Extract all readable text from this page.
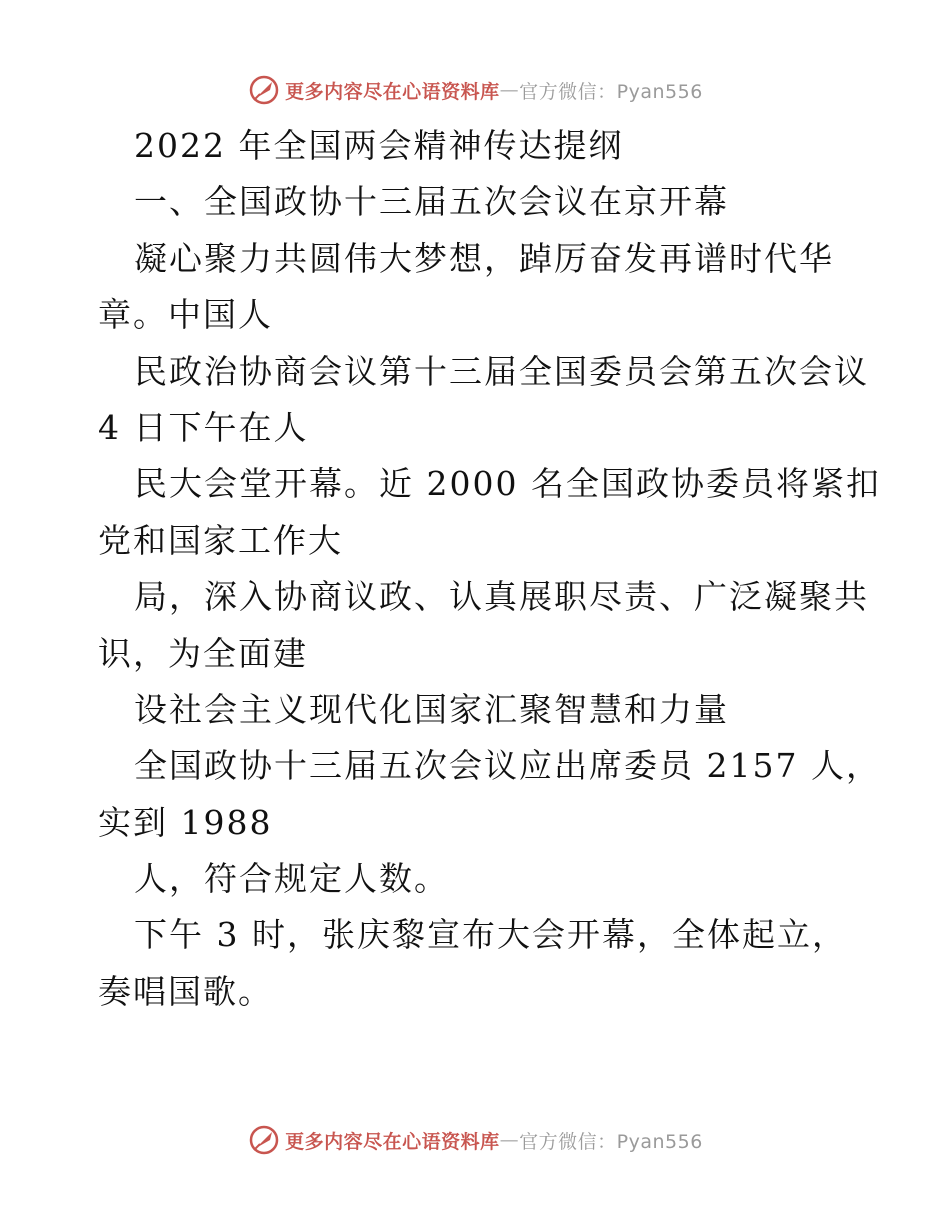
更多内容尽在心语资料库 — 官方微信：Pyan556
2022 年全国两会精神传达提纲
一、全国政协十三届五次会议在京开幕
凝心聚力共圆伟大梦想，踔厉奋发再谱时代华
章。中国人
民政治协商会议第十三届全国委员会第五次会议
4 日下午在人
民大会堂开幕。近 2000 名全国政协委员将紧扣
党和国家工作大
局，深入协商议政、认真展职尽责、广泛凝聚共
识，为全面建
设社会主义现代化国家汇聚智慧和力量
全国政协十三届五次会议应出席委员 2157 人，
实到 1988
人，符合规定人数。
下午 3 时，张庆黎宣布大会开幕，全体起立，
奏唱国歌。
更多内容尽在心语资料库 — 官方微信：Pyan556
